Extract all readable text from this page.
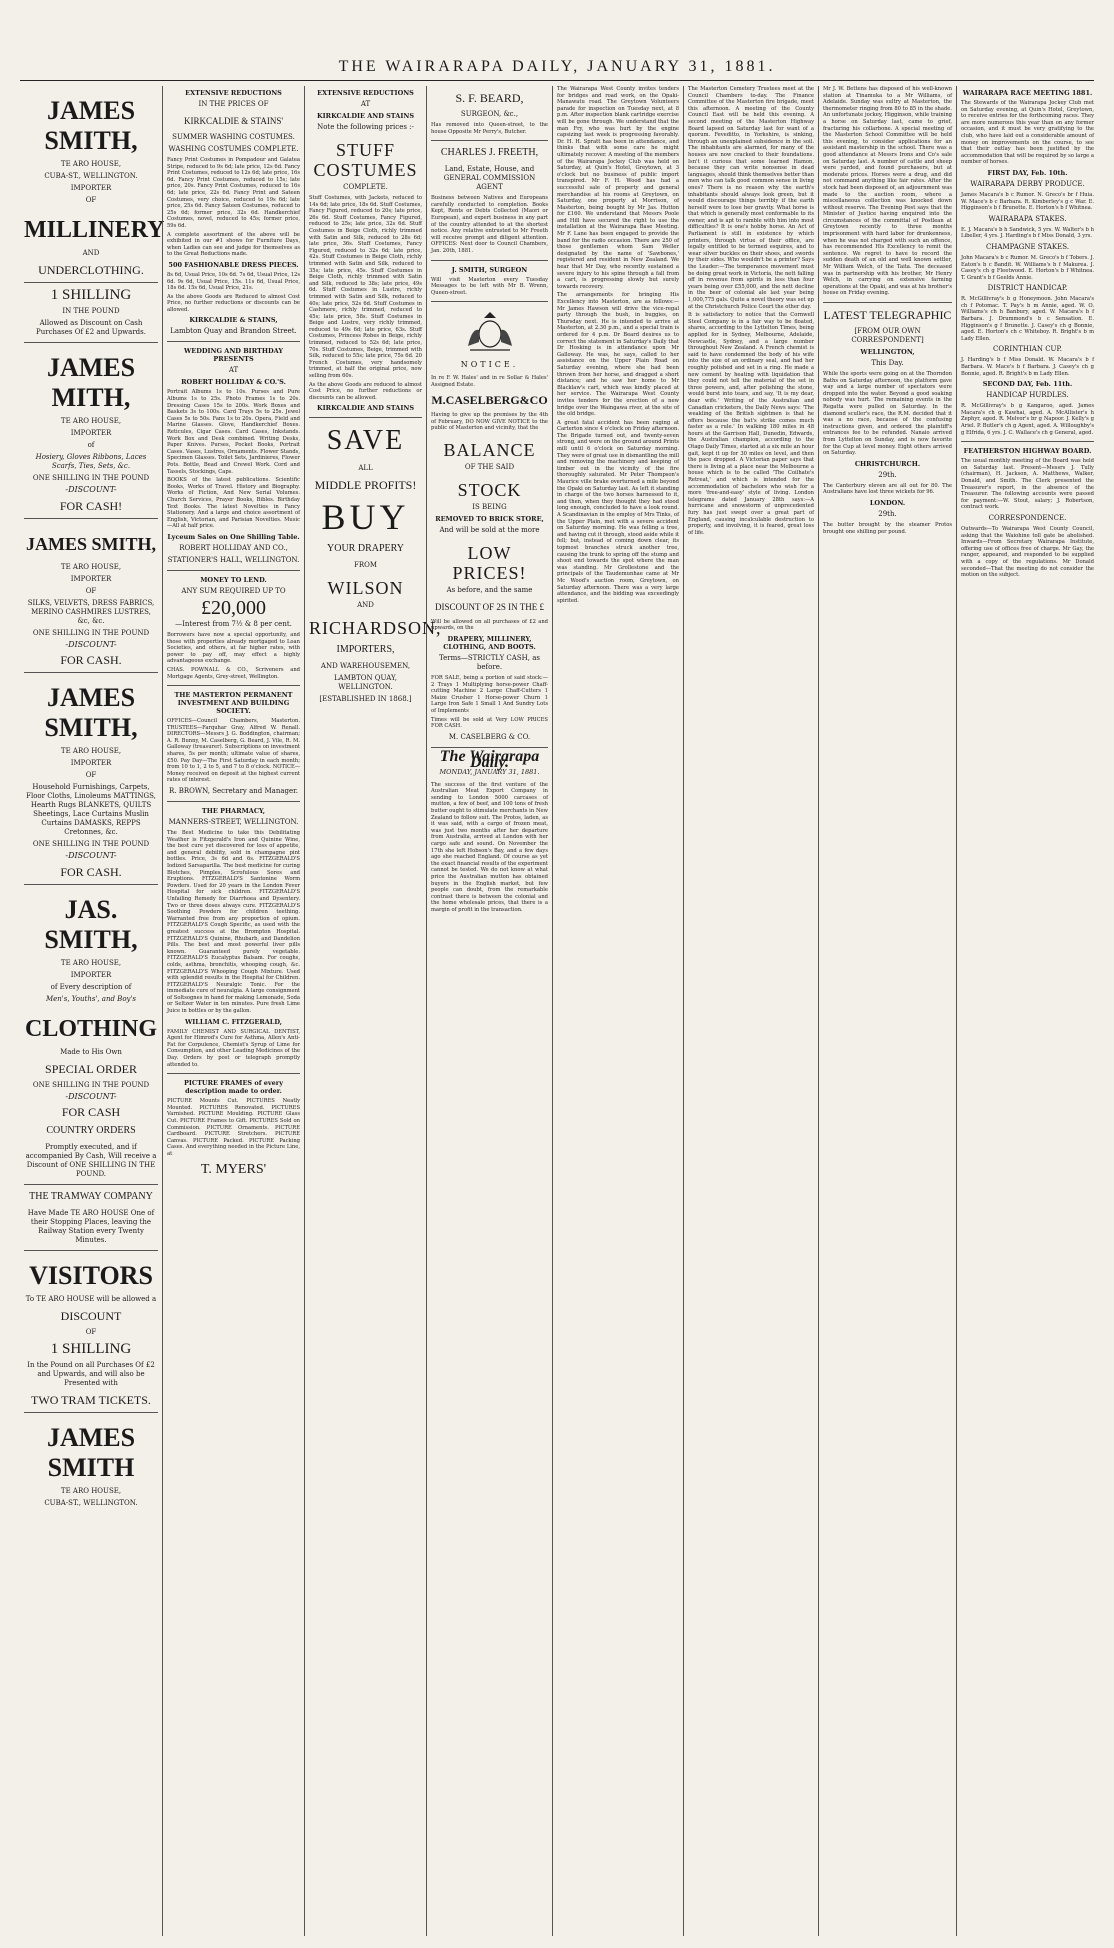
THE WAIRARAPA DAILY, JANUARY 31, 1881.
JAMES SMITH,
TE ARO HOUSE,
CUBA-ST., WELLINGTON.
IMPORTER
OF
MILLINERY
AND
UNDERCLOTHING.
1 SHILLING
IN THE POUND
Allowed as Discount on Cash Purchases Of £2 and Upwards.
JAMES MITH,
TE ARO HOUSE,
IMPORTER
of
Hosiery, Gloves Ribbons, Laces Scarfs, Ties, Sets, &c.
ONE SHILLING IN THE POUND
-DISCOUNT-
FOR CASH!
JAMES SMITH,
TE ARO HOUSE,
IMPORTER
OF
SILKS, VELVETS, DRESS FABRICS, MERINO CASHMIRES LUSTRES, &c, &c.
ONE SHILLING IN THE POUND
-DISCOUNT-
FOR CASH.
JAMES SMITH,
TE ARO HOUSE,
IMPORTER
OF
Household Furnishings, Carpets, Floor Cloths, Linoleums MATTINGS, Hearth Rugs BLANKETS, QUILTS Sheetings, Lace Curtains Muslin Curtains DAMASKS, REPPS Cretonnes, &c.
ONE SHILLING IN THE POUND
-DISCOUNT-
FOR CASH.
JAS. SMITH,
TE ARO HOUSE,
IMPORTER
of Every description of
Men's, Youths', and Boy's
CLOTHING
Made to His Own
SPECIAL ORDER
ONE SHILLING IN THE POUND
-DISCOUNT-
FOR CASH
COUNTRY ORDERS
Promptly executed, and if accompanied By Cash, Will receive a Discount of ONE SHILLING IN THE POUND.
THE TRAMWAY COMPANY
Have Made TE ARO HOUSE One of their Stopping Places, leaving the Railway Station every Twenty Minutes.
VISITORS
To TE ARO HOUSE will be allowed a
DISCOUNT
OF
1 SHILLING
In the Pound on all Purchases Of £2 and Upwards, and will also be Presented with
TWO TRAM TICKETS.
JAMES SMITH
TE ARO HOUSE,
CUBA-ST., WELLINGTON.
EXTENSIVE REDUCTIONS
IN THE PRICES OF
KIRKCALDIE & STAINS'
SUMMER WASHING COSTUMES.
WASHING COSTUMES COMPLETE.

Fancy Print Costumes in Pompadour and Galatea Stripe, reduced to 9s 6d; late price, 12s 6d. Fancy Print Costumes, reduced to 12s 6d; late price, 16s 6d. Fancy Print Costumes, reduced to 15s; late price, 20s. Fancy Print Costumes, reduced to 16s 6d; late price, 22s 6d. Fancy Print and Sateen Costumes, very choice, reduced to 19s 6d; late price, 25s 6d. Fancy Sateen Costumes, reduced to 25s 6d; former price, 32s 6d. Handkerchief Costumes, novel, reduced to 45s; former price, 59s 6d.

A complete assortment of the above will be exhibited in our #1 shows for Furniture Days, when Ladies can see and judge for themselves as to the Great Reductions made.

500 FASHIONABLE DRESS PIECES.

8s 6d, Usual Price, 10s 6d. 7s 6d, Usual Price, 12s 6d. 9s 6d, Usual Price, 15s. 11s 6d, Usual Price, 18s 6d. 15s 6d, Usual Price, 21s.

As the above Goods are Reduced to almost Cost Price, no further reductions or discounts can be allowed.

KIRKCALDIE & STAINS,
Lambton Quay and Brandon Street.
WEDDING AND BIRTHDAY PRESENTS
AT
ROBERT HOLLIDAY & CO.'S.

Portrait Albums 1s to 10s. Purses and Pure Albums 1s to 25s. Photo Frames 1s to 20s. Dressing Cases 15s to 200s. Work Boxes and Baskets 3s to 100s. Card Trays 5s to 25s. Jewel Cases 5s to 50s. Fans 1s to 20s. Opera, Field and Marine Glasses. Glove, Handkerchief Boxes. Reticules, Cigar Cases. Card Cases, Inkstands. Work Box and Desk combined. Writing Desks, Paper Knives. Purses, Pocket Books, Portrait Cases. Vases, Lustres, Ornaments. Flower Stands, Specimen Glasses. Toilet Sets, Jardinieres, Flower Pots. Bottle, Bead and Crewel Work. Cord and Tassels, Stockings, Caps.

BOOKS of the latest publications. Scientific Books, Works of Travel. History and Biography. Works of Fiction, And New Serial Volumes. Church Services, Prayer Books, Bibles. Birthday Text Books. The latest Novelties in Fancy Stationery. And a large and choice assortment of English, Victorian, and Parisian Novelties. Music—All at half price.

Lyceum Sales on One Shilling Table.
ROBERT HOLLIDAY AND CO.,
STATIONER'S HALL, WELLINGTON.
MONEY TO LEND.
ANY SUM REQUIRED UP TO
£20,000
—Interest from 7½ & 8 per cent.

Borrowers have now a special opportunity, and those with properties already mortgaged to Loan Societies, and others, at far higher rates, with power to pay off, may effect a highly advantageous exchange.

CHAS. POWNALL & CO., Scriveners and Mortgage Agents, Grey-street, Wellington.

THE MASTERTON PERMANENT INVESTMENT AND BUILDING SOCIETY.

OFFICES—Council Chambers, Masterton. TRUSTEES—Farquhar Gray, Alfred W. Renall. DIRECTORS—Messrs J. G. Boddington, chairman; A. R. Bunny, M. Caselberg, G. Beard, J. Vile, R. M. Galloway (treasurer). Subscriptions on investment shares, 5s per month; ultimate value of shares, £50. Pay Day—The First Saturday in each month; from 10 to 1, 2 to 5, and 7 to 8 o'clock. NOTICE—Money received on deposit at the highest current rates of interest.

R. BROWN, Secretary and Manager.
THE PHARMACY,
MANNERS-STREET, WELLINGTON.

The Best Medicine to take this Debilitating Weather is Fitzgerald's Iron and Quinine Wine, the best cure yet discovered for loss of appetite, and general debility, sold in champagne pint bottles. Price, 3s 6d and 6s. FITZGERALD'S Iodized Sarsaparilla. The best medicine for curing Blotches, Pimples, Scrofulous Sores and Eruptions. FITZGERALD'S Santonine Worm Powders. Used for 20 years in the London Fever Hospital for sick children. FITZGERALD'S Unfailing Remedy for Diarrhoea and Dysentery. Two or three doses always cure. FITZGERALD'S Soothing Powders for children teething. Warranted free from any proportion of opium. FITZGERALD'S Cough Specific, as used with the greatest success at the Brompton Hospital. FITZGERALD'S Quinine, Rhubarb, and Dandelion Pills. The best and most powerful liver pills known. Guaranteed purely vegetable. FITZGERALD'S Eucalyptus Balsam. For coughs, colds, asthma, bronchitis, whooping cough, &c. FITZGERALD'S Whooping Cough Mixture. Used with splendid results in the Hospital for Children. FITZGERALD'S Neuralgic Tonic. For the immediate cure of neuralgia. A large consignment of Soltsognes in hand for making Lemonade, Soda or Seltzer Water in ten minutes. Pure fresh Lime Juice in bottles or by the gallon.

WILLIAM C. FITZGERALD,

FAMILY CHEMIST AND SURGICAL DENTIST, Agent for Himrod's Cure for Asthma, Allen's Anti-Fat for Corpulence, Chemist's Syrup of Lime for Consumption, and other Leading Medicines of the Day. Orders by post or telegraph promptly attended to.

PICTURE FRAMES of every description made to order.

PICTURE Mounts Cut. PICTURES Neatly Mounted. PICTURES Renovated. PICTURES Varnished. PICTURE Moulding. PICTURE Glass Cut. PICTURE Frames to Gift. PICTURES Sold on Commission. PICTURE Ornaments. PICTURE Cardboard. PICTURE Stretchers. PICTURE Canvas. PICTURE Packed. PICTURE Packing Cases. And everything needed in the Picture Line, at

T. MYERS'
EXTENSIVE REDUCTIONS
AT
KIRKCALDIE AND STAINS
Note the following prices :-
STUFF COSTUMES
COMPLETE.

Stuff Costumes, with Jackets, reduced to 14s 6d; late price, 18s 6d. Stuff Costumes, Fancy Figured, reduced to 20s; late price, 26s 6d. Stuff Costumes, Fancy Figured, reduced to 25s; late price, 32s 6d. Stuff Costumes in Beige Cloth, richly trimmed with Satin and Silk, reduced to 28s 6d; late price, 36s. Stuff Costumes, Fancy Figured, reduced to 32s 6d; late price, 42s. Stuff Costumes in Beige Cloth, richly trimmed with Satin and Silk, reduced to 35s; late price, 45s. Stuff Costumes in Beige Cloth, richly trimmed with Satin and Silk, reduced to 38s; late price, 49s 6d. Stuff Costumes in Lustre, richly trimmed with Satin and Silk, reduced to 40s; late price, 52s 6d. Stuff Costumes in Cashmere, richly trimmed, reduced to 45s; late price, 58s. Stuff Costumes in Beige and Lustre, very richly trimmed, reduced to 49s 6d; late price, 63s. Stuff Costumes, Princess Robes in Beige, richly trimmed, reduced to 52s 6d; late price, 70s. Stuff Costumes, Beige, trimmed with Silk, reduced to 55s; late price, 75s 6d. 20 French Costumes, very handsomely trimmed, at half the original price, now selling from 60s.

As the above Goods are reduced to almost Cost Price, no further reductions or discounts can be allowed.

KIRKCALDIE AND STAINS
SAVE
ALL
MIDDLE PROFITS!
BUY
YOUR DRAPERY
FROM
WILSON
AND
RICHARDSON,
IMPORTERS,
AND WAREHOUSEMEN,
LAMBTON QUAY, WELLINGTON.
[ESTABLISHED IN 1868.]
S. F. BEARD,
SURGEON, &c.,

Has removed into Queen-street, to the house Opposite Mr Perry's, Butcher.

CHARLES J. FREETH,
Land, Estate, House, and GENERAL COMMISSION AGENT

Business between Natives and Europeans carefully conducted to completion. Books Kept, Rents or Debts Collected (Maori or European), and expert business in any part of the country attended to at the shortest notice. Any relative entrusted to Mr Freeth will receive prompt and diligent attention. OFFICES: Next door to Council Chambers, Jan. 20th, 1881.

J. SMITH, SURGEON

Will visit Masterton every Tuesday Messages to be left with Mr B. Wrenn, Queen-street.

NOTICE.

In re F. W. Hales' and in re Sollar & Hales' Assigned Estate.

M.CASELBERG&CO

Having to give up the premises by the 4th of February, DO NOW GIVE NOTICE to the public of Masterton and vicinity, that the

BALANCE
OF THE SAID
STOCK
IS BEING
REMOVED TO BRICK STORE,
And will be sold at the more
LOW PRICES!
As before, and the same
DISCOUNT OF 2S IN THE £

Will be allowed on all purchases of £2 and upwards, on the

DRAPERY, MILLINERY, CLOTHING, AND BOOTS.
Terms—STRICTLY CASH, as before.

FOR SALE, being a portion of said stock:— 2 Trays 1 Multiplying horse-power Chaff-cutting Machine 2 Large Chaff-Cutters 1 Maize Crusher 1 Horse-power Churn 1 Large Iron Safe 1 Small 1 And Sundry Lots of Implements

Times will be sold at Very LOW PRICES FOR CASH.

M. CASELBERG & CO.
The Wairarapa Daily.
MONDAY, JANUARY 31, 1881.

The success of the first venture of the Australian Meat Export Company in sending to London 5000 carcases of mutton, a few of beef, and 100 tons of fresh butter ought to stimulate merchants in New Zealand to follow suit. The Protos, laden, as it was said, with a cargo of frozen meat, was just two months after her departure from Australia, arrived at London with her cargo safe and sound. On November the 17th she left Hobson's Bay, and a few days ago she reached England. Of course as yet the exact financial results of the experiment cannot be tested. We do not know at what price the Australian mutton has obtained buyers in the English market, but few people can doubt, from the remarkable contrast there is between the colonial and the home wholesale prices, that there is a margin of profit in the transaction.

The Wairarapa West County invites tenders for bridges and road work, on the Opaki-Manawatu road. The Greytown Volunteers parade for inspection on Tuesday next, at 8 p.m. After inspection blank cartridge exercise will be gone through. We understand that the man Fry, who was hurt by the engine capsizing last week is progressing favorably. Dr. H. H. Spratt has been in attendance, and thinks that with some care he might ultimately recover. A meeting of the members of the Wairarapa Jockey Club was held on Saturday, at Quin's Hotel, Greytown, at 3 o'clock but no business of public import transpired. Mr F. H. Wood has had a successful sale of property and general merchandise at his rooms at Greytown, on Saturday, one property at Morrison, of Masterton, being bought by Mr Jas. Hutton for £160. We understand that Messrs Poole and Hill have secured the right to use the installation at the Wairarapa Base Meeting. Mr F. Lane has been engaged to provide the band for the radio occasion. There are 250 of those gentlemen whom Sam Weller designated by the name of 'Sawbones,' registered and resident in New Zealand. We hear that Mr Day, who recently sustained a severe injury to his spine through a fall from a cart, is progressing slowly but surely towards recovery.

The arrangements for bringing His Excellency into Masterton, are as follows:—Mr James Hawson will drive the vice-regal party through the bush, in buggies, on Thursday next. He is intended to arrive at Masterton, at 2.30 p.m., and a special train is ordered for 4 p.m. Dr Beard desires us to correct the statement in Saturday's Daily that Dr Hosking is in attendance upon Mr Galloway. He was, he says, called to her assistance on the Upper Plain Road on Saturday evening, where she had been thrown from her horse, and dragged a short distance; and he saw her home to Mr Blacklaw's cart, which was kindly placed at her service. The Wairarapa West County invites tenders for the erection of a new bridge over the Waingawa river, at the site of the old bridge.

A great fatal accident has been raging at Carterton since 4 o'clock on Friday afternoon. The Brigade turned out, and twenty-seven strong, and were on the ground around Prints mill until 6 o'clock on Saturday morning. They were of great use in dismantling the mill and removing the machinery and keeping of timber out in the vicinity of the fire thoroughly saturated. Mr Peter Thompson's Maurice ville brake overturned a mile beyond the Opaki on Saturday last. As left it standing in charge of the two horses harnessed to it, and then, when they thought they had stood long enough, concluded to have a look round. A Scandinavian in the employ of Mrs Tinks, of the Upper Plain, met with a severe accident on Saturday morning. He was felling a tree, and having cut it through, stood aside while it fell; but, instead of coming down clear, its topmost branches struck another tree, causing the trunk to spring off the stump and shoot end towards the spot where the man was standing. Mr Grollestone and the principals of the Taudemunhae came at Mr Mc Wood's auction room, Greytown, on Saturday afternoon. There was a very large attendance, and the bidding was exceedingly spirited.

The Masterton Cemetery Trustees meet at the Council Chambers to-day. The Finance Committee of the Masterton fire brigade, meet this afternoon. A meeting of the County Council East will be held this evening. A second meeting of the Masterton Highway Board lapsed on Saturday last for want of a quorum. Feveditto, in Yorkshire, is sinking, through an unexplained subsidence in the soil. The inhabitants are alarmed, for many of the houses are now cracked to their foundations. Isn't it curious that some learned Hamon, because they can write nonsense in dead languages, should think themselves better than men who can talk good common sense in living ones? There is no reason why the earth's inhabitants should always look green, but it would discourage things terribly if the earth herself were to lose her gravity. What horse is that which is generally most conformable to its owner, and is apt to ramble with him into most difficulties? It is one's hobby horse. An Act of Parliament is still in existence by which printers, through virtue of their office, are legally entitled to be termed esquires, and to wear silver buckles on their shoes, and swords by their sides. Who wouldn't be a printer? Says the Leader:—The temperance movement must be doing great work in Victoria, the nett falling off in revenue from spirits in less than four years being over £55,000, and the nett decline in the beer of colonial ale last year being 1,000,775 gals. Quite a novel theory was set up at the Christchurch Police Court the other day.

It is satisfactory to notice that the Cornwell Steel Company is in a fair way to be floated, shares, according to the Lyttelton Times, being applied for in Sydney, Melbourne, Adelaide, Newcastle, Sydney, and a large number throughout New Zealand. A French chemist is said to have condemned the body of his wife into the size of an ordinary seal, and had her roughly polished and set in a ring. He made a new cement by heating with liquidation that they could not tell the material of the set in three powers, and, after polishing the stone, would burst into tears, and say, 'It is my dear, dear wife.' Writing of the Australian and Canadian cricketers, the Daily News says: 'The weakling of the British sightmen is that he offers because the bat's strike comes much faster as a rule.' In walking 180 miles in 48 hours at the Garrison Hall, Dunedin, Edwards, the Australian champion, according to the Otago Daily Times, started at a six mile an hour gait, kept it up for 30 miles on level, and then the pace dropped. A Victorian paper says that there is living at a place near the Melbourne a house which is to be called 'The Coilhate's Retreat,' and which is intended for the accommodation of bachelors who wish for a more 'free-and-easy' style of living. London telegrams dated January 28th says:—A hurricane and snowstorm of unprecedented fury has just swept over a great part of England, causing incalculable destruction to property, and involving, it is feared, great loss of life.

Mr J. W. Bettens has disposed of his well-known station at Tinamuka to a Mr Williams, of Adelaide. Sunday was sultry at Masterton, the thermometer ringing from 80 to 85 in the shade. An unfortunate jockey, Higginson, while training a horse on Saturday last, came to grief, fracturing his collarbone. A special meeting of the Masterton School Committee will be held this evening, to consider applications for an assistant mastership in the school. There was a good attendance at Messrs Irons and Co's sale on Saturday last. A number of cattle and sheep were yarded, and found purchasers, but at moderate prices. Horses were a drug, and did not command anything like fair rates. After the stock had been disposed of, an adjournment was made to the auction room, where a miscellaneous collection was knocked down without reserve. The Evening Post says that the Minister of Justice having enquired into the circumstances of the committal of Postlean at Greytown recently to three months imprisonment with hard labor for drunkenness, when he was not charged with such an offence, has recommended His Excellency to remit the sentence. We regret to have to record the sudden death of an old and well known settler, Mr William Welch, of the Taita. The deceased was in partnership with his brother, Mr Henry Welch, in carrying on extensive farming operations at the Opaki, and was at his brother's house on Friday evening.

LATEST TELEGRAPHIC
[FROM OUR OWN CORRESPONDENT]
WELLINGTON,
This Day.

While the sports were going on at the Thorndon Baths on Saturday afternoon, the platform gave way and a large number of spectators were dropped into the water. Beyond a good soaking nobody was hurt. The remaining events in the Regatta were pulled on Saturday. In the diamond sculler's race, the R.M. decided that it was a no race, because of the confusing instructions given, and ordered the plaintiff's entrances fee to be refunded. Nanaio arrived from Lyttelton on Sunday, and is now favorite for the Cup at level money. Eight others arrived on Saturday.

CHRISTCHURCH.
29th.

The Canterbury eleven are all out for 80. The Australians have lost three wickets for 96.

LONDON.
29th.

The butter brought by the steamer Protos brought one shilling per pound.

WAIRARAPA RACE MEETING 1881.

The Stewards of the Wairarapa Jockey Club met on Saturday evening, at Quin's Hotel, Greytown, to receive entries for the forthcoming races. They are more numerous this year than on any former occasion, and it must be very gratifying to the club, who have laid out a considerable amount of money on improvements on the course, to see that their outlay has been justified by the accommodation that will be required by so large a number of horses.

FIRST DAY, Feb. 10th.
WAIRARAPA DERBY PRODUCE.

James Macara's b c Rumor. N. Greco's br f Huia. W. Mace's b c Barbara. R. Kimberley's g c War. E. Higginson's b f Brunette. E. Horton's b f Whitnea.

WAIRARAPA STAKES.

E. J. Macara's b h Sandwick, 5 yrs. W. Walter's b h Libeller, 4 yrs. J. Harding's b f Miss Donald, 3 yrs.

CHAMPAGNE STAKES.

John Macara's b c Rumor. M. Greco's b f Tobers. J. Eaton's b c Bandit. W. Williams's b f Makurea. J. Casey's ch g Fleetwood. E. Horton's b f Whitnea. T. Grant's b f Geelds Annie.

DISTRICT HANDICAP.

R. McGillivray's b g Honeymoon. John Macara's ch f Potomac. T. Pay's b m Annie, aged. W. O. Williams's ch h Banbury, aged. W. Macara's b f Barbara. J. Drummond's b c Sensation. E. Higginson's g f Brunette. J. Casey's ch g Bonnie, aged. E. Horton's ch c Whiteboy. R. Bright's b m Lady Ellen.

CORINTHIAN CUP.

J. Harding's b f Miss Donald. W. Macara's b f Barbara. W. Mace's b f Barbara. J. Casey's ch g Bonnie, aged. R. Bright's b m Lady Ellen.

SECOND DAY, Feb. 11th.
HANDICAP HURDLES.

R. McGillivray's b g Kangaroo, aged. James Macara's ch g Kawhai, aged. A. McAllister's h Zephyr, aged. R. Melvor's br g Napoor. J. Kelly's g Ariel. P. Butler's ch g Agent, aged. A. Willoughby's g Elfrida, 6 yrs. J. C. Wallace's ch g General, aged.

FEATHERSTON HIGHWAY BOARD.

The usual monthly meeting of the Board was held on Saturday last. Present—Messrs J. Tully (chairman), H. Jackson, A. Matthews, Walker, Donald, and Smith. The Clerk presented the Treasurer's report, in the absence of the Treasurer. The following accounts were passed for payment:—W. Stout, salary; J. Robertson, contract work.

CORRESPONDENCE.

Outwards—To Wairarapa West County Council, asking that the Waiohine toll gate be abolished. Inwards—From Secretary Wairarapa Institute, offering use of offices free of charge. Mr Gay, the ranger, appeared, and responded to be supplied with a copy of the regulations. Mr Donald seconded—That the meeting do not consider the motion on the subject.
